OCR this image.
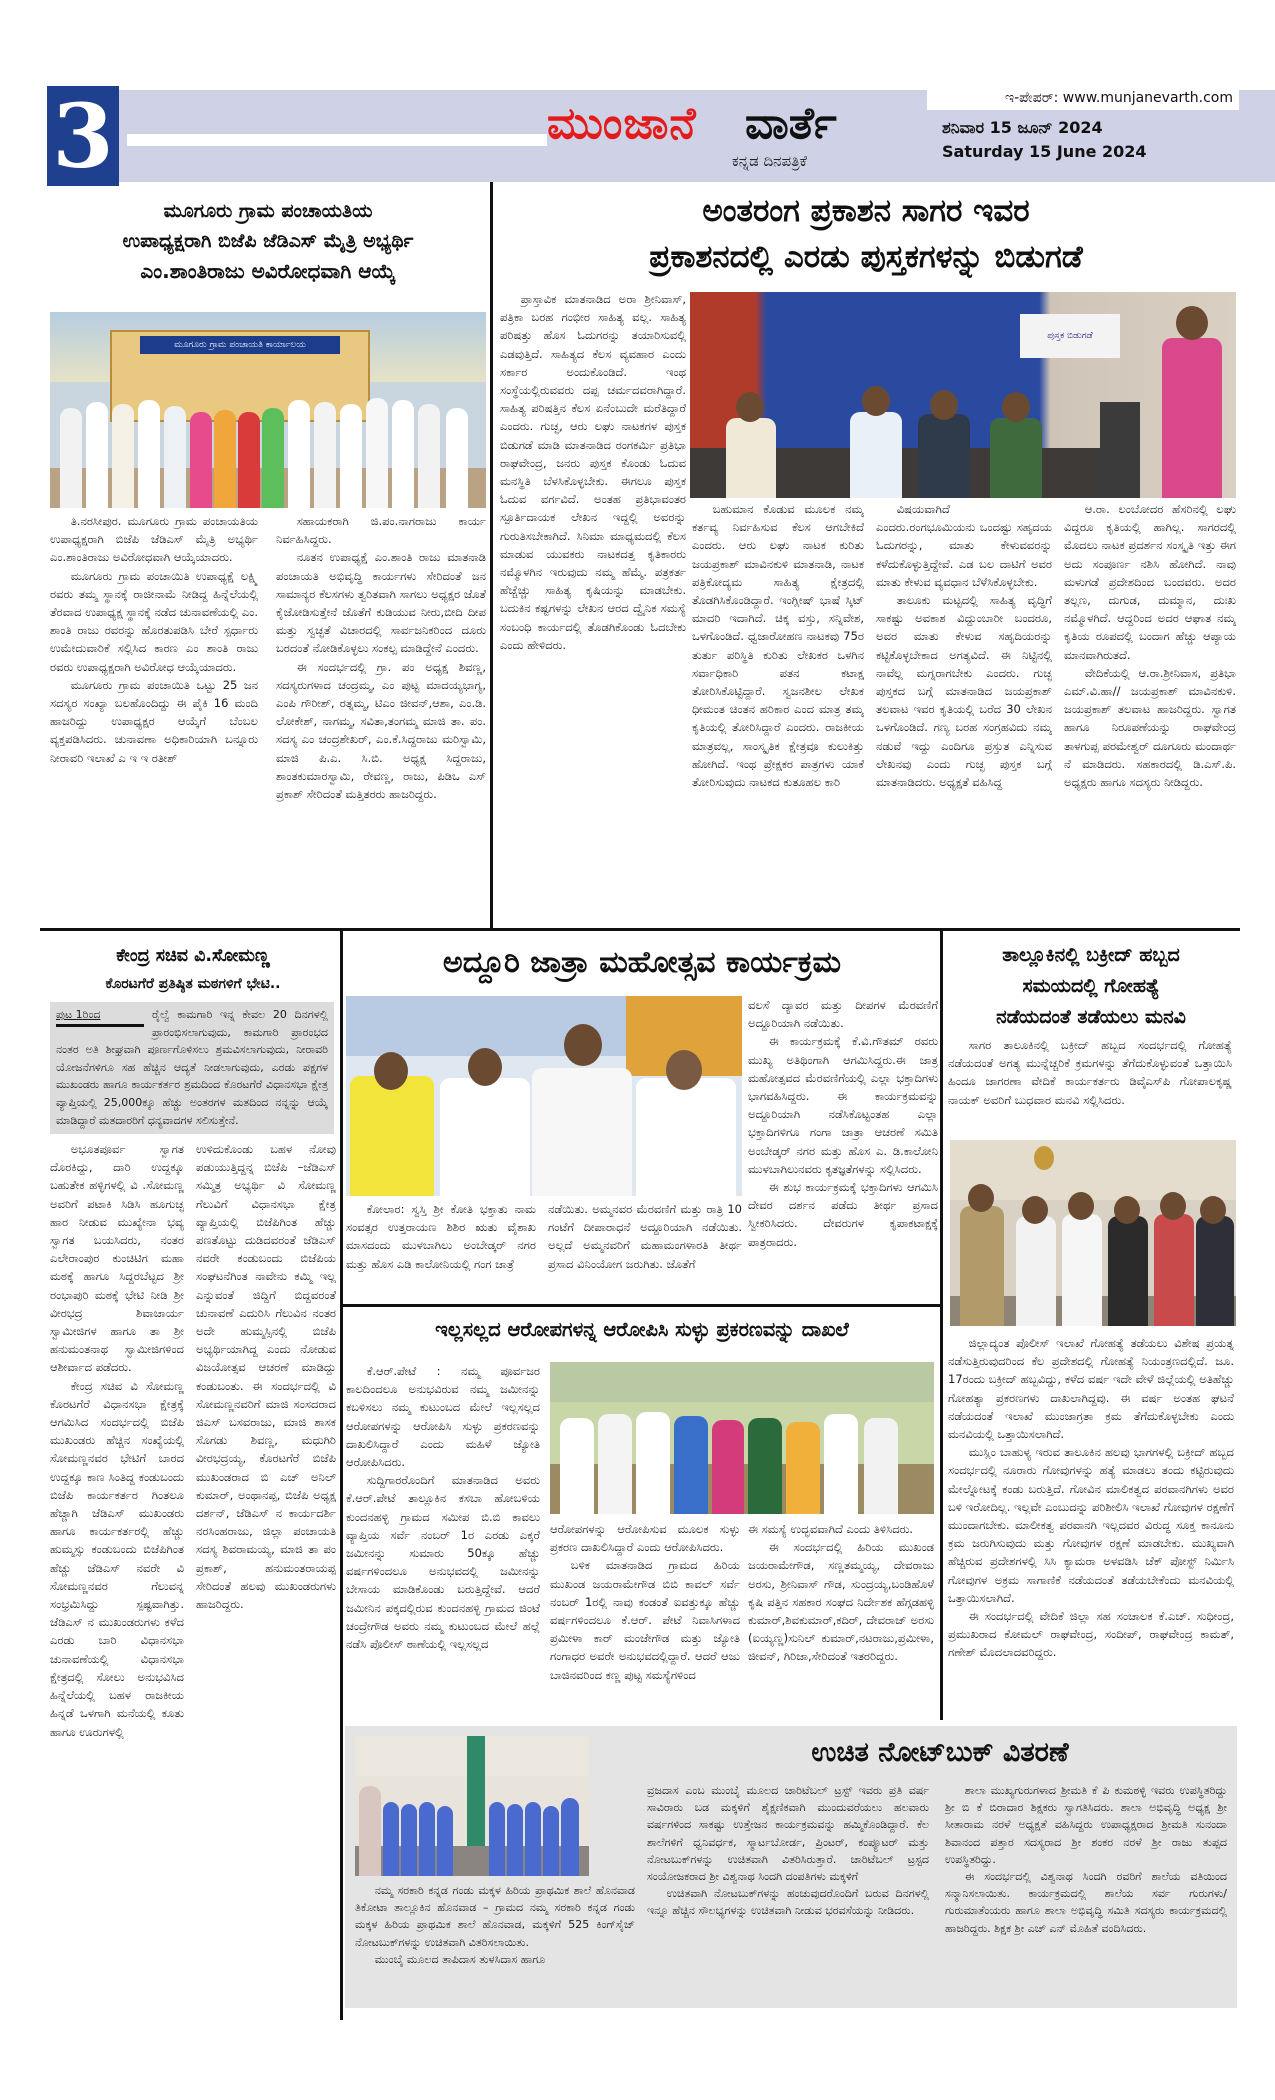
3	ಮುಂಜಾನೆ ವಾರ್ತೆ
ಕನ್ನಡ ದಿನಪತ್ರಿಕೆ
ಇ-ಪೇಪರ್: www.munjanevarth.com
ಶನಿವಾರ 15 ಜೂನ್ 2024
Saturday 15 June 2024
ಮೂಗೂರು ಗ್ರಾಮ ಪಂಚಾಯತಿಯ
ಉಪಾಧ್ಯಕ್ಷರಾಗಿ ಬಿಜೆಪಿ ಜೆಡಿಎಸ್ ಮೈತ್ರಿ ಅಭ್ಯರ್ಥಿ
ಎಂ.ಶಾಂತಿರಾಜು ಅವಿರೋಧವಾಗಿ ಆಯ್ಕೆ
ಮೂಗೂರು ಗ್ರಾಮ ಪಂಚಾಯತಿ ಕಾರ್ಯಾಲಯ

ತಿ.ನರಸೀಪುರ. ಮೂಗೂರು ಗ್ರಾಮ ಪಂಚಾಯತಿಯ ಉಪಾಧ್ಯಕ್ಷರಾಗಿ ಬಿಜೆಪಿ ಜೆಡಿಎಸ್ ಮೈತ್ರಿ ಅಭ್ಯರ್ಥಿ ಎಂ.ಶಾಂತಿರಾಜು ಅವಿರೋಧವಾಗಿ ಆಯ್ಕೆಯಾದರು.

ಮೂಗೂರು ಗ್ರಾಮ ಪಂಚಾಯಿತಿ ಉಪಾಧ್ಯಕ್ಷೆ ಲಕ್ಷ್ಮಿ ರವರು ತಮ್ಮ ಸ್ಥಾನಕ್ಕೆ ರಾಜೀನಾಮೆ ನೀಡಿದ್ದ ಹಿನ್ನೆಲೆಯಲ್ಲಿ ತೆರವಾದ ಉಪಾಧ್ಯಕ್ಷ ಸ್ಥಾನಕ್ಕೆ ನಡೆದ ಚುನಾವಣೆಯಲ್ಲಿ ಎಂ. ಶಾಂತಿ ರಾಜು ರವರನ್ನು ಹೊರತುಪಡಿಸಿ ಬೇರೆ ಸ್ಪರ್ಧಾರು ಉಮೇದುವಾರಿಕೆ ಸಲ್ಲಿಸಿದ ಕಾರಣ ಎಂ ಶಾಂತಿ ರಾಜು ರವರು ಉಪಾಧ್ಯಕ್ಷರಾಗಿ ಅವಿರೋಧ ಆಯ್ಕೆಯಾದರು.

ಮೂಗೂರು ಗ್ರಾಮ ಪಂಚಾಯಿತಿ ಒಟ್ಟು 25 ಜನ ಸದಸ್ಯರ ಸಂಖ್ಯಾ ಬಲಹೊಂದಿದ್ದು ಈ ಪೈಕಿ 16 ಮಂದಿ ಹಾಜರಿದ್ದು ಉಪಾಧ್ಯಕ್ಷರ ಆಯ್ಕೆಗೆ ಬೆಂಬಲ ವ್ಯಕ್ತಪಡಿಸಿದರು. ಚುನಾವಣಾ ಅಧಿಕಾರಿಯಾಗಿ ಬನ್ನೂರು ನೀರಾವರಿ ಇಲಾಖೆ ಎ ಇ ಇ ರತೀಶ್

ಸಹಾಯಕರಾಗಿ ಜಿ.ಪಂ.ನಾಗರಾಜು ಕಾರ್ಯ ನಿರ್ವಹಿಸಿದ್ದರು.

ನೂತನ ಉಪಾಧ್ಯಕ್ಷೆ ಎಂ.ಶಾಂತಿ ರಾಜು ಮಾತನಾಡಿ ಪಂಚಾಯತಿ ಅಭಿವೃದ್ಧಿ ಕಾರ್ಯಗಳು ಸೇರಿದಂತೆ ಜನ ಸಾಮಾನ್ಯರ ಕೆಲಸಗಳು ತ್ವರಿತವಾಗಿ ಸಾಗಲು ಅಧ್ಯಕ್ಷರ ಜೊತೆ ಕೈಜೋಡಿಸುತ್ತೇನೆ ಜೊತೆಗೆ ಕುಡಿಯುವ ನೀರು,ಬೀದಿ ದೀಪ ಮತ್ತು ಸ್ವಚ್ಛತೆ ವಿಚಾರದಲ್ಲಿ ಸಾರ್ವಜನಿಕರಿಂದ ದೂರು ಬರದಂತೆ ನೋಡಿಕೊಳ್ಳಲು ಸಂಕಲ್ಪ ಮಾಡಿದ್ದೇನೆ ಎಂದರು.

ಈ ಸಂದರ್ಭದಲ್ಲಿ ಗ್ರಾ. ಪಂ ಅಧ್ಯಕ್ಷ ಶಿವಣ್ಣ, ಸದಸ್ಯರುಗಳಾದ ಚಂದ್ರಮ್ಮ, ಎಂ ಪುಟ್ಟ ಮಾದಯ್ಯಭಾಗ್ಯ, ಎಂಪಿ ಗೌರೀಶ್, ರತ್ನಮ್ಮ, ಟಿಎಂ ಜೀವನ್,ಆಶಾ, ಎಂ.ಡಿ. ಲೋಕೇಶ್, ನಾಗಮ್ಮ, ಸವಿತಾ,ತಂಗಮ್ಮ ಮಾಜಿ ತಾ. ಪಂ. ಸದಸ್ಯ ಎಂ ಚಂದ್ರಶೇಖರ್, ಎಂ.ಕೆ.ಸಿದ್ದರಾಜು ಮರಿಸ್ವಾಮಿ, ಮಾಜಿ ಪಿ.ಎ. ಸಿ.ಬಿ. ಅಧ್ಯಕ್ಷ ಸಿದ್ದರಾಜು, ಶಾಂತಕುಮಾರಸ್ವಾಮಿ, ರೇವಣ್ಣ, ರಾಜು, ಪಿಡಿಒ ಎಸ್ ಪ್ರಕಾಶ್ ಸೇರಿದಂತೆ ಮತ್ತಿತರರು ಹಾಜರಿದ್ದರು.

ಅಂತರಂಗ ಪ್ರಕಾಶನ ಸಾಗರ ಇವರ
ಪ್ರಕಾಶನದಲ್ಲಿ ಎರಡು ಪುಸ್ತಕಗಳನ್ನು ಬಿಡುಗಡೆ

ಪ್ರಾಸ್ತಾವಿಕ ಮಾತನಾಡಿದ ಅರಾ ಶ್ರೀನಿವಾಸ್, ಪತ್ರಿಕಾ ಬರಹ ಗಂಭೀರ ಸಾಹಿತ್ಯ ವಲ್ಲ. ಸಾಹಿತ್ಯ ಪರಿಷತ್ತು ಹೊಸ ಓದುಗರನ್ನು ತಯಾರಿಸುವಲ್ಲಿ ಎಡವುತ್ತಿದೆ. ಸಾಹಿತ್ಯದ ಕೆಲಸ ವ್ಯವಹಾರ ಎಂದು ಸರ್ಕಾರ ಅಂದುಕೊಂಡಿದೆ. ಇಂಥ ಸಂಸ್ಥೆಯಲ್ಲಿರುವವರು ದಪ್ಪ ಚರ್ಮದವರಾಗಿದ್ದಾರೆ. ಸಾಹಿತ್ಯ ಪರಿಷತ್ತಿನ ಕೆಲಸ ಏನೆಂಬುದೇ ಮರೆತಿದ್ದಾರೆ ಎಂದರು. ಗುಚ್ಛ, ಆರು ಲಘು ನಾಟಕಗಳ ಪುಸ್ತಕ ಬಿಡುಗಡೆ ಮಾಡಿ ಮಾತನಾಡಿದ ರಂಗಕರ್ಮಿ ಪ್ರತಿಭಾ ರಾಘವೇಂದ್ರ, ಜನರು ಪುಸ್ತಕ ಕೊಂಡು ಓದುವ ಮನಸ್ಥಿತಿ ಬೆಳಸಿಕೊಳ್ಳಬೇಕು. ಈಗಲೂ ಪುಸ್ತಕ ಓದುವ ವರ್ಗವಿದೆ. ಅಂತಹ ಪ್ರತಿಭಾವಂತರ ಸ್ಪೂರ್ತಿದಾಯಕ ಲೇಖನ ಇದ್ದಲ್ಲಿ ಅವರನ್ನು ಗುರುತಿಸಬೇಕಾಗಿದೆ. ಸಿನಿಮಾ ಮಾಧ್ಯಮದಲ್ಲಿ ಕೆಲಸ ಮಾಡುವ ಯುವಕರು ನಾಟಕದತ್ತ ಕೃತಿಕಾರರು ನಮ್ಮೊಳಗಿನ ಇರುವುದು ನಮ್ಮ ಹೆಮ್ಮೆ. ಪತ್ರಕರ್ತ ಹೆಚ್ಚೆಚ್ಚು ಸಾಹಿತ್ಯ ಕೃಷಿಯನ್ನು ಮಾಡಬೇಕು. ಬದುಕಿನ ಕಷ್ಟಗಳನ್ನು ಲೇಖನ ಆರದ ದ್ವೈನಿಕ ಸಮಸ್ಯೆ ಸಂಬಂಧಿ ಕಾರ್ಯದಲ್ಲಿ ತೊಡಗಿಕೊಂಡು ಓದಬೇಕು ಎಂದು ಹೇಳಿದರು.

ಪುಸ್ತಕ ಬಿಡುಗಡೆ

ಬಹುಮಾನ ಕೊಡುವ ಮೂಲಕ ನಮ್ಮ ಕರ್ತವ್ಯ ನಿರ್ವಹಿಸುವ ಕೆಲಸ ಆಗಬೇಕಿದೆ ಎಂದರು. ಆರು ಲಘು ನಾಟಕ ಕುರಿತು ಜಯಪ್ರಕಾಶ್ ಮಾವಿನಕುಳಿ ಮಾತನಾಡಿ, ನಾಟಕ ಪತ್ರಿಕೋದ್ಯಮ ಸಾಹಿತ್ಯ ಕ್ಷೇತ್ರದಲ್ಲಿ ತೊಡಗಿಸಿಕೊಂಡಿದ್ದಾರೆ. ಇಂಗ್ಲೀಷ್ ಭಾಷೆ ಸ್ಕಿಟ್ ಮಾದರಿ ಇದಾಗಿದೆ. ಚಿಕ್ಕ ವಸ್ತು, ಸನ್ನಿವೇಶ, ಒಳಗೊಂಡಿದೆ. ಧ್ವಜಾರೋಹಣ ನಾಟಕವು 75ರ ತುರ್ತು ಪರಿಸ್ಥಿತಿ ಕುರಿತು ಲೇಖಕರ ಒಳಗಿನ ಸರ್ವಾಧಿಕಾರಿ ಪತನ ಕಟಾಕ್ಷ ತೋರಿಸಿಕೊಟ್ಟಿದ್ದಾರೆ. ಸ್ವಜನಶೀಲ ಲೇಖಕ ಧೀಮಂತ ಚಿಂತನ ಹರಿಕಾರ ಎಂದ ಮಾತ್ರ ತಮ್ಮ ಕೃತಿಯಲ್ಲಿ ತೋರಿಸಿದ್ದಾರೆ ಎಂದರು. ರಾಜಕೀಯ ಮಾತ್ರವಲ್ಲ, ಸಾಂಸ್ಕೃತಿಕ ಕ್ಷೇತ್ರವೂ ಕುಲುಕಿತ್ತು ಹೋಗಿದೆ. ಇಂಥ ಪ್ರೇಕ್ಷಕರ ಪಾತ್ರಗಳು ಯಾಕೆ ತೋರಿಸುವುದು ನಾಟಕದ ಕುತೂಹಲ ಕಾರಿ

ವಿಷಯವಾಗಿದೆ ಎಂದರು.ರಂಗಭೂಮಿಯನು ಒಂದಷ್ಟು ಸಹೃದಯ ಓದುಗರನ್ನು, ಮಾತು ಕೇಳುವವರನ್ನು ಕಳೆದುಕೊಳ್ಳುತ್ತಿದ್ದೇವೆ. ಎಡ ಬಲ ದಾಟಿಗೆ ಅವರ ಮಾತು ಕೇಳುವ ವ್ಯವಧಾನ ಬೆಳೆಸಿಕೊಳ್ಳಬೇಕು.

ತಾಲೂಕು ಮಟ್ಟದಲ್ಲಿ ಸಾಹಿತ್ಯ ವೃದ್ಧಿಗೆ ಸಾಕಷ್ಟು ಅವಕಾಶ ವಿದ್ದುಂಬಾರೀ ಬಂದರೂ, ಅವರ ಮಾತು ಕೇಳುವ ಸಹೃದಿಯರನ್ನು ಕಟ್ಟಿಕೊಳ್ಳಬೇಕಾದ ಅಗತ್ಯವಿದೆ. ಈ ನಿಟ್ಟಿನಲ್ಲಿ ನಾವೆಲ್ಲ ಮಗ್ನರಾಗಬೇಕು ಎಂದರು. ಗುಚ್ಛ ಪುಸ್ತಕದ ಬಗ್ಗೆ ಮಾತನಾಡಿದ ಜಯಪ್ರಕಾಶ್ ತಲವಾಟ ಇವರ ಕೃತಿಯಲ್ಲಿ ಬರೆದ 30 ಲೇಖನ ಒಳಗೊಂಡಿದೆ. ಗಣ್ಯ ಬರಹ ಸಂಗ್ರಹವಿದು ನಮ್ಮ ನಡುವೆ ಇದ್ದು ಎಂದಿಗೂ ಪ್ರಸ್ತುತ ಎನ್ನಿಸುವ ಲೇಖನವು ಎಂದು ಗುಚ್ಛ ಪುಸ್ತಕ ಬಗ್ಗೆ ಮಾತನಾಡಿದರು. ಅಧ್ಯಕ್ಷತೆ ವಹಿಸಿದ್ದ

ಆ.ರಾ. ಲಂಬೋದರ ಹೆಸರಿನಲ್ಲಿ ಲಘು ವಿದ್ದರೂ ಕೃತಿಯಲ್ಲಿ ಹಾಗಿಲ್ಲ. ಸಾಗರದಲ್ಲಿ ಮೊದಲು ನಾಟಕ ಪ್ರದರ್ಶನ ಸಂಸ್ಕೃತಿ ಇತ್ತು ಈಗ ಅದು ಸಂಪೂರ್ಣ ನಶಿಸಿ ಹೋಗಿದೆ. ನಾವು ಮಳುಗಡೆ ಪ್ರದೇಶದಿಂದ ಬಂದವರು. ಅದರ ತಲ್ಲಣ, ದುಗುಡ, ದುಮ್ಮಾನ, ದುಃಖ ನಮ್ಮೊಳಗಿದೆ. ಆದ್ದರಿಂದ ಅದರ ಆಘಾತ ನಮ್ಮ ಕೃತಿಯ ರೂಪದಲ್ಲಿ ಬಂದಾಗ ಹೆಚ್ಚು ಆಪ್ಯಾಯ ಮಾನವಾಗಿರುತದೆ.

ವೇದಿಕೆಯಲ್ಲಿ ಆ.ರಾ.ಶ್ರೀನಿವಾಸ, ಪ್ರತಿಭಾ ಎಮ್.ವಿ.ಹಾ// ಜಯಪ್ರಕಾಶ್ ಮಾವಿನಕುಳಿ. ಜಯಪ್ರಕಾಶ್ ತಲವಾಟ ಹಾಜರಿದ್ದರು. ಸ್ವಾಗತ ಹಾಗೂ ನಿರೂಪಣೆಯನ್ನು ರಾಘವೇಂದ್ರ ತಾಳಗುಪ್ಪ ಪರಮೇಶ್ವರ್ ದೂಗೂರು ಮಂದಾರ್ಥ ನೆ ಮಾಡಿದರು. ಸಹಕಾರದಲ್ಲಿ ಡಿ.ಎಸ್.ಪಿ. ಅಧ್ಯಕ್ಷರು ಹಾಗೂ ಸದಸ್ಯರು ನೀಡಿದ್ದರು.

ಕೇಂದ್ರ ಸಚಿವ ವಿ.ಸೋಮಣ್ಣ
ಕೊರಟಗೆರೆ ಪ್ರತಿಷ್ಠಿತ ಮಠಗಳಿಗೆ ಭೇಟಿ..
ಪುಟ 1ರಿಂದ	ರೈಲ್ವೆ ಕಾಮಗಾರಿ ಇನ್ನ ಕೇವಲ 20 ದಿನಗಳಲ್ಲಿ ಪ್ರಾರಂಭಿಸಲಾಗುವುದು, ಕಾಮಗಾರಿ ಪ್ರಾರಂಭದ ನಂತರ ಅತಿ ಶೀಘ್ರವಾಗಿ ಪೂರ್ಣಗೊಳಿಸಲು ಶ್ರಮವಿಸಲಾಗುವುದು, ನೀರಾವರಿ ಯೋಜನೆಗಳಿಗೂ ಸಹ ಹೆಚ್ಚಿನ ಆದ್ಯತೆ ನೀಡಲಾಗುವುದು, ಎರಡು ಪಕ್ಷಗಳ ಮುಖಂಡರು ಹಾಗೂ ಕಾರ್ಯಕರ್ತರ ಶ್ರಮದಿಂದ ಕೊರಟಗೆರೆ ವಿಧಾನಸಭಾ ಕ್ಷೇತ್ರ ವ್ಯಾಪ್ತಿಯಲ್ಲಿ 25,000ಕ್ಕೂ ಹೆಚ್ಚು ಅಂತರಗಳ ಮತದಿಂದ ನನ್ನನ್ನು ಆಯ್ಕೆ ಮಾಡಿದ್ದಾರೆ ಮತದಾರರಿಗೆ ಧನ್ಯವಾದಗಳ ಸಲಿಸುತ್ತೇನೆ.

ಅಭೂತಪೂರ್ವ ಸ್ವಾಗತ ದೊರಕಿದ್ದು, ದಾರಿ ಉದ್ದಕ್ಕೂ ಬಹುತೇಕ ಹಳ್ಳಿಗಳಲ್ಲಿ ವಿ .ಸೋಮಣ್ಣ ಅವರಿಗೆ ಪಟಾಕಿ ಸಿಡಿಸಿ ಹೂಗುಚ್ಛ ಹಾರ ನೀಡುವ ಮುಖ್ಯೇನಾ ಭವ್ಯ ಸ್ವಾಗತ ಬಯಸಿದರು, ನಂತರ ಎಲೇರಾಂಪುರ ಕುಂಚಿಟಿಗ ಮಹಾ ಮಠಕ್ಕೆ ಹಾಗೂ ಸಿದ್ದರಬೆಟ್ಟದ ಶ್ರೀ ರಂಭಾಪುರಿ ಮಠಕ್ಕೆ ಭೇಟಿ ನೀಡಿ ಶ್ರೀ ವೀರಭದ್ರ ಶಿವಾಚಾರ್ಯ ಸ್ವಾಮೀಜಿಗಳ ಹಾಗೂ ತಾ ಶ್ರೀ ಹನುಮಂತನಾಥ ಸ್ವಾಮೀಜಿಗಳಿಂದ ಆಶೀರ್ವಾದ ಪಡೆದರು.

ಕೇಂದ್ರ ಸಚಿವ ವಿ ಸೋಮಣ್ಣ ಕೊರಟಗೆರೆ ವಿಧಾನಸಭಾ ಕ್ಷೇತ್ರಕ್ಕೆ ಆಗಮಿಸಿದ ಸಂದರ್ಭದಲ್ಲಿ ಬಿಜೆಪಿ ಮುಖಂಡರು ಹೆಚ್ಚಿನ ಸಂಖ್ಯೆಯಲ್ಲಿ ಸೋಮಣ್ಣನವರ ಭೇಟಿಗೆ ಬಾರದ ಉದ್ದಕ್ಕೂ ಕಾಣ ಸಿಂತಿದ್ದ ಕಂಡುಬಂದು ಬಿಜೆಪಿ ಕಾರ್ಯಕರ್ತರ ಗಿಂತಲೂ ಹೆಚ್ಚಾಗಿ ಜೆಡಿಎಸ್ ಮುಖಂಡರು ಹಾಗೂ ಕಾರ್ಯಕರ್ತರಲ್ಲಿ ಹೆಚ್ಚು ಹುಮ್ಮಸ್ಸು ಕಂಡುಬಂದು ಬಿಜೆಪಿಗಿಂತ ಹೆಚ್ಚು ಜೆಡಿಎಸ್ ನವರೇ ವಿ ಸೋಮಣ್ಣನವರ ಗೆಲುವನ್ನ ಸಂಭ್ರಮಿಸಿದ್ದು ಸ್ಪಷ್ಟವಾಗಿತ್ತು. ಜೆಡಿಎಸ್ ನ ಮುಖಂಡರುಗಳು ಕಳೆದ ಎರಡು ಬಾರಿ ವಿಧಾನಸಭಾ ಚುನಾವಣೆಯಲ್ಲಿ ವಿಧಾನಸಭಾ ಕ್ಷೇತ್ರದಲ್ಲಿ ಸೋಲು ಅನುಭವಿಸಿದ ಹಿನ್ನೆಲೆಯಲ್ಲಿ ಬಹಳ ರಾಜಕೀಯ ಹಿನ್ನಡೆ ಒಳಗಾಗಿ ಮನೆಯಲ್ಲಿ ಕೂತು ಹಾಗೂ ಊರುಗಳಲ್ಲಿ

ಉಳಿದುಕೊಂಡು ಬಹಳ ನೋವು ಪಡುಯುತ್ತಿದ್ದನ್ನ ಬಿಜೆಪಿ –ಜೆಡಿಎಸ್ ಸಮ್ಮಿತ್ರ ಅಭ್ಯರ್ಥಿ ವಿ ಸೋಮಣ್ಣ ಗೆಲುವಿಗೆ ವಿಧಾನಸಭಾ ಕ್ಷೇತ್ರ ವ್ಯಾಪ್ತಿಯಲ್ಲಿ ಬಿಜೆಪಿಗಿಂತ ಹೆಚ್ಚು ಪಣತೊಟ್ಟು ದುಡಿದವರಂತೆ ಜೆಡಿಎಸ್ ನವರೇ ಕಂಡುಬಂದು ಬಿಜೆಪಿಯ ಸಂಘಟನೆಗಿಂತ ನಾವೇನು ಕಮ್ಮಿ ಇಲ್ಲ ಎನ್ನುವಂತೆ ಜಿದ್ದಿಗೆ ಬಿದ್ದವರಂತೆ ಚುನಾವಣೆ ಎದುರಿಸಿ ಗೆಲುವಿನ ನಂತರ ಅದೇ ಹುಮ್ಮಸ್ಸಿನಲ್ಲಿ ಬಿಜೆಪಿ ಅಭ್ಯರ್ಥಿಯಾಗಿದ್ದ ಎಂದು ನೋಡುವ ವಿಜಯೋತ್ಸವ ಆಚರಣೆ ಮಾಡಿದ್ದು ಕಂಡುಬಂತು. ಈ ಸಂದರ್ಭದಲ್ಲಿ ವಿ ಸೋಮಣ್ಣನವರಿಗೆ ಮಾಜಿ ಸಂಸದರಾದ ಜಿಎಸ್ ಬಸವರಾಜು, ಮಾಜಿ ಶಾಸಕ ಸೊಗಡು ಶಿವಣ್ಣ, ಮಧುಗಿರಿ ವೀರಭದ್ರಯ್ಯ, ಕೊರಟಗೆರೆ ಬಿಜೆಪಿ ಮುಖಂಡರಾದ ಬಿ ಎಚ್ ಅನಿಲ್ ಕುಮಾರ್, ಅಂಥಾನಪ್ಪ, ಬಿಜೆಪಿ ಅಧ್ಯಕ್ಷ ದರ್ಶನ್, ಜೆಡಿಎಸ್ ನ ಕಾರ್ಯದರ್ಶಿ ನರಸಿಂಹರಾಜು, ಜಿಲ್ಲಾ ಪಂಚಾಯತಿ ಸದಸ್ಯ ಶಿವರಾಮಯ್ಯ, ಮಾಜಿ ತಾ ಪಂ ಪ್ರಕಾಶ್, ಹನುಮಂತರಾಯಪ್ಪ ಸೇರಿದಂತೆ ಹಲವು ಮುಖಂಡರುಗಳು ಹಾಜರಿದ್ದರು.

ಅದ್ದೂರಿ ಜಾತ್ರಾ ಮಹೋತ್ಸವ ಕಾರ್ಯಕ್ರಮ

ಕೋಲಾರ: ಸ್ವಸ್ತಿ ಶ್ರೀ ಕೋತಿ ಭಕ್ತಾತು ನಾಮ ಸಂವತ್ಸರ ಉತ್ತರಾಯಣ ಶಿಶಿರ ಋತು ವೈಶಾಖ ಮಾಸದಂದು ಮುಳಬಾಗಿಲು ಅಂಬೇಡ್ಕರ್ ನಗರ ಮತ್ತು ಹೊಸ ಎಡಿ ಕಾಲೋನಿಯಲ್ಲಿ ಗಂಗ ಜಾತ್ರೆ

ನಡೆಯಿತು. ಅಮ್ಮನವರ ಮೆರವಣಿಗೆ ಮತ್ತು ರಾತ್ರಿ 10 ಗಂಟೆಗೆ ದೀಪಾರಾಧನೆ ಅದ್ದೂರಿಯಾಗಿ ನಡೆಯಿತು. ಅಲ್ಲದೆ ಅಮ್ಮನವರಿಗೆ ಮಹಾಮಂಗಳಾರತಿ ತೀರ್ಥ ಪ್ರಸಾದ ವಿನಿಂಯೋಗ ಜರುಗಿತು. ಜೊತೆಗೆ

ವಲಸೆ ದ್ಯಾವರ ಮತ್ತು ದೀಪಗಳ ಮೆರವಣಿಗೆ ಅದ್ದೂರಿಯಾಗಿ ನಡೆಯಿತು.

ಈ ಕಾರ್ಯಕ್ರಮಕ್ಕೆ ಕೆ.ವಿ.ಗೌತಮ್ ರವರು ಮುಖ್ಯ ಅತಿಥಿಂಗಾಗಿ ಆಗಮಿಸಿದ್ದರು.ಈ ಜಾತ್ರ ಮಹೋತ್ಸವದ ಮೆರವಣಿಗೆಯಲ್ಲಿ ಎಲ್ಲಾ ಭಕ್ತಾದಿಗಳು ಭಾಗವಹಿಸಿದ್ದರು. ಈ ಕಾರ್ಯಕ್ರಮವನ್ನು ಅದ್ದೂರಿಯಾಗಿ ನಡೆಸಿಕೊಟ್ಟಂತಹ ಎಲ್ಲಾ ಭಕ್ತಾದಿಗಳಿಗೂ ಗಂಗಾ ಜಾತ್ರಾ ಆಚರಣೆ ಸಮಿತಿ ಅಂಬೇಡ್ಕರ್ ನಗರ ಮತ್ತು ಹೊಸ ಎ. ಡಿ.ಕಾಲೋನಿ ಮುಳಬಾಗಿಲುನವರು ಕೃತಜ್ಞತೆಗಳನ್ನು ಸಲ್ಲಿಸಿದರು.

ಈ ಶುಭ ಕಾರ್ಯಕ್ರಮಕ್ಕೆ ಭಕ್ತಾದಿಗಳು ಆಗಮಿಸಿ ದೇವರ ದರ್ಶನ ಪಡೆದು ತೀರ್ಥ ಪ್ರಸಾದ ಸ್ವೀಕರಿಸಿದರು. ದೇವರುಗಳ ಕೃಪಾಕಟಾಕ್ಷಕ್ಕೆ ಪಾತ್ರರಾದರು.

ತಾಲ್ಲೂಕಿನಲ್ಲಿ ಬಕ್ರೀದ್ ಹಬ್ಬದ
ಸಮಯದಲ್ಲಿ ಗೋಹತ್ಯೆ
ನಡೆಯದಂತೆ ತಡೆಯಲು ಮನವಿ

ಸಾಗರ ತಾಲೂಕಿನಲ್ಲಿ ಬಕ್ರೀದ್ ಹಬ್ಬದ ಸಂದರ್ಭದಲ್ಲಿ ಗೋಹತ್ಯೆ ನಡೆಯದಂತೆ ಅಗತ್ಯ ಮುನ್ನೆಚ್ಚರಿಕೆ ಕ್ರಮಗಳನ್ನು ತೆಗೆದುಕೊಳ್ಳುವಂತೆ ಒತ್ತಾಯಿಸಿ ಹಿಂದೂ ಜಾಗರಣಾ ವೇದಿಕೆ ಕಾರ್ಯಕರ್ತರು ಡಿವೈಎಸ್‌ಪಿ ಗೋಪಾಲಕೃಷ್ಣ ನಾಯಕ್ ಅವರಿಗೆ ಬುಧವಾರ ಮನವಿ ಸಲ್ಲಿಸಿದರು.

ಜಿಲ್ಲಾದ್ಯಂತ ಪೊಲೀಸ್ ಇಲಾಖೆ ಗೋಹತ್ಯೆ ತಡೆಯಲು ವಿಶೇಷ ಪ್ರಯತ್ನ ನಡೆಸುತ್ತಿರುವುದರಿಂದ ಕೆಲ ಪ್ರದೇಶದಲ್ಲಿ ಗೋಹತ್ಯೆ ನಿಯಂತ್ರಣದಲ್ಲಿದೆ. ಜೂ. 17ರಂದು ಬಕ್ರೀದ್ ಹಬ್ಬವಿದ್ದು, ಕಳೆದ ವರ್ಷ ಇದೇ ವೇಳೆ ಜಿಲ್ಲೆಯಲ್ಲಿ ಅತಿಹೆಚ್ಚು ಗೋಹತ್ಯಾ ಪ್ರಕರಣಗಳು ದಾಖಲಾಗಿದ್ದವು. ಈ ವರ್ಷ ಅಂತಹ ಘಟನೆ ನಡೆಯದಂತೆ ಇಲಾಖೆ ಮುಂಜಾಗ್ರತಾ ಕ್ರಮ ತೆಗೆದುಕೊಳ್ಳಬೇಕು ಎಂದು ಮನವಿಯಲ್ಲಿ ಒತ್ತಾಯಿಸಲಾಗಿದೆ.

ಮುಸ್ಲಿಂ ಬಾಹುಳ್ಯ ಇರುವ ತಾಲೂಕಿನ ಹಲವು ಭಾಗಗಳಲ್ಲಿ ಬಕ್ರೀದ್ ಹಬ್ಬದ ಸಂದರ್ಭದಲ್ಲಿ ನೂರಾರು ಗೋವುಗಳನ್ನು ಹತ್ಯೆ ಮಾಡಲು ತಂದು ಕಟ್ಟಿರುವುದು ಮೇಲ್ನೋಟಕ್ಕೆ ಕಂಡು ಬರುತ್ತಿದೆ. ಗೋವಿನ ಮಾಲಿಕತ್ವದ ಪರವಾನಗಿಗಳು ಅವರ ಬಳಿ ಇರೋದಿಲ್ಲ. ಇಲ್ಲವೇ ಎಂಬುದನ್ನು ಪರಿಶೀಲಿಸಿ ಇಲಾಖೆ ಗೋವುಗಳ ರಕ್ಷಣೆಗೆ ಮುಂದಾಗಬೇಕು. ಮಾಲೀಕತ್ವ ಪರವಾನಗಿ ಇಲ್ಲದವರ ವಿರುದ್ಧ ಸೂಕ್ತ ಕಾನೂನು ಕ್ರಮ ಜರುಗಿಸುವುದು ಮತ್ತು ಗೋವುಗಳ ರಕ್ಷಣೆ ಮಾಡಬೇಕು. ಮುಖ್ಯವಾಗಿ ಹೆಚ್ಚಿರುವ ಪ್ರದೇಶಗಳಲ್ಲಿ ಸಿಸಿ ಕ್ಯಾಮರಾ ಅಳವಡಿಸಿ ಚೆಕ್ ಪೋಸ್ಟ್ ನಿರ್ಮಿಸಿ ಗೋವುಗಳ ಅಕ್ರಮ ಸಾಗಾಣಿಕೆ ನಡೆಯದಂತೆ ತಡೆಯಬೇಕೆಂದು ಮನವಿಯಲ್ಲಿ ಒತ್ತಾಯಿಸಲಾಗಿದೆ.

ಈ ಸಂದರ್ಭದಲ್ಲಿ ವೇದಿಕೆ ಜಿಲ್ಲಾ ಸಹ ಸಂಚಾಲಕ ಕೆ.ಎಚ್. ಸುಧೀಂದ್ರ, ಪ್ರಮುಖರಾದ ಕೋಮಲ್ ರಾಘವೇಂದ್ರ, ಸಂದೀಪ್, ರಾಘವೇಂದ್ರ ಕಾಮತ್, ಗಣೇಶ್ ಮೊದಲಾದವರಿದ್ದರು.

ಇಲ್ಲಸಲ್ಲದ ಆರೋಪಗಳನ್ನ ಆರೋಪಿಸಿ ಸುಳ್ಳು ಪ್ರಕರಣವನ್ನು ದಾಖಲೆ

ಕೆ.ಆರ್.ಪೇಟೆ : ನಮ್ಮ ಪೂರ್ವಜರ ಕಾಲದಿಂದಲೂ ಅನುಭವಿರುವ ನಮ್ಮ ಜಮೀನನ್ನು ಕಬಳಿಸಲು ನಮ್ಮ ಕುಟುಂಬದ ಮೇಲೆ ಇಲ್ಲಸಲ್ಲದ ಆರೋಪಗಳನ್ನು ಆರೋಪಿಸಿ ಸುಳ್ಳು ಪ್ರಕರಣವನ್ನು ದಾಖಲಿಸಿದ್ದಾರೆ ಎಂದು ಮಹಿಳೆ ಜ್ಯೋತಿ ಆರೋಪಿಸಿದರು.

ಸುದ್ದಿಗಾರರೊಂದಿಗೆ ಮಾತನಾಡಿದ ಅವರು ಕೆ.ಆರ್.ಪೇಟೆ ತಾಲ್ಲೂಕಿನ ಕಸಬಾ ಹೋಬಳಿಯ ಕುಂದನಹಳ್ಳಿ ಗ್ರಾಮದ ಸಮೀಪ ಬಿ.ಬಿ ಕಾವಲು ವ್ಯಾಪ್ತಿಯ ಸರ್ವೆ ನಂಬರ್ 1ರ ಎರಡು ಎಕ್ಕರೆ ಜಮೀನನ್ನು ಸುಮಾರು 50ಕ್ಕೂ ಹೆಚ್ಚು ವರ್ಷಗಳಿಂದಲೂ ಅನುಭವದಲ್ಲಿ ಜಮೀನನ್ನು ಬೇಸಾಯ ಮಾಡಿಕೊಂಡು ಬರುತ್ತಿದ್ದೇವೆ. ಆದರೆ ಜಮೀನಿನ ಪಕ್ಕದಲ್ಲಿರುವ ಕುಂದನಹಳ್ಳಿ ಗ್ರಾಮದ ಜಿಂಟೆ ಚಂದ್ರೇಗೌಡ ಅವರು ನಮ್ಮ ಕುಟುಂಬದ ಮೇಲೆ ಹಲ್ಲೆ ನಡೆಸಿ ಪೊಲೀಸ್ ಠಾಣೆಯಲ್ಲಿ ಇಲ್ಲಸಲ್ಲದ

ಆರೋಪಗಳನ್ನು ಆರೋಪಿಸುವ ಮೂಲಕ ಸುಳ್ಳು ಪ್ರಕರಣ ದಾಖಲಿಸಿದ್ದಾರೆ ಎಂದು ಆರೋಪಿಸಿದರು.

ಬಳಿಕ ಮಾತನಾಡಿದ ಗ್ರಾಮದ ಹಿರಿಯ ಮುಖಂಡ ಜಯರಾಮೇಗೌಡ ಬಿಬಿ ಕಾವಲ್ ಸರ್ವೆ ನಂಬರ್ 1ರಲ್ಲಿ ನಾವು ಕಂಡಂತೆ ಐವತ್ತುಕ್ಕೂ ಹೆಚ್ಚು ವರ್ಷಗಳಿಂದಲೂ ಕೆ.ಆರ್. ಪೇಟೆ ನಿವಾಸಿಗಳಾದ ಪ್ರಮೀಳಾ ಕಾರ್ ಮಂಜೇಗೌಡ ಮತ್ತು ಜ್ಯೋತಿ ಗಂಗಾಧರ ಅವರೇ ಅನುಭವದಲ್ಲಿದ್ದಾರೆ. ಆದರೆ ಆಜು ಬಾಜಿನವರಿಂದ ಕಣ್ಣ ಪುಟ್ಟ ಸಮಸ್ಯೆಗಳಿಂದ

ಈ ಸಮಸ್ಯೆ ಉದ್ಭವವಾಗಿದೆ ಎಂದು ತಿಳಿಸಿದರು.

ಈ ಸಂದರ್ಭದಲ್ಲಿ ಹಿರಿಯ ಮುಖಂಡ ಜಯರಾಮೇಗೌಡ, ಸಣ್ಣತಮ್ಮಯ್ಯ, ದೇವರಾಜು ಅರಸು, ಶ್ರೀನಿವಾಸ್ ಗೌಡ, ಸುಂದ್ರಯ್ಯ,ಬಂಡಿಹೊಳೆ ಕೃಷಿ ಪತ್ತಿನ ಸಹಕಾರ ಸಂಘದ ನಿರ್ದೇಶಕ ಹೆಗ್ಗಡಹಳ್ಳಿ ಕುಮಾರ್,ಶಿವಕುಮಾರ್,ಕದಿರ್, ದೇವರಾಜ್ ಅರಸು (ಐಯ್ಯಣ್ಣ)ಸುನಿಲ್ ಕುಮಾರ್,ನಟರಾಜು,ಪ್ರಮೀಳಾ, ಜೀವನ್, ಗಿರಿಜಾ,ಸೇರಿದಂತೆ ಇತರರಿದ್ದರು.

ಉಚಿತ ನೋಟ್‌ಬುಕ್ ವಿತರಣೆ

ನಮ್ಮ ಸರಕಾರಿ ಕನ್ನಡ ಗಂಡು ಮಕ್ಕಳ ಹಿರಿಯ ಪ್ರಾಥಮಿಕ ಶಾಲೆ ಹೊನವಾಡ ತಿಕೋಟಾ ತಾಲ್ಲೂಕಿನ ಹೊನವಾಡ – ಗ್ರಾಮದ ನಮ್ಮ ಸರಕಾರಿ ಕನ್ನಡ ಗಂಡು ಮಕ್ಕಳ ಹಿರಿಯ ಪ್ರಾಥಮಿಕ ಶಾಲೆ ಹೊನವಾಡ, ಮಕ್ಕಳಿಗೆ 525 ಕಿಂಗ್‌ಸೈಜ್ ನೋಟಬುಕ್‌ಗಳನ್ನು ಉಚಿತವಾಗಿ ವಿತರಿಸಲಾಯಿತು.

ಮುಂಬೈ ಮೂಲದ ತಾಪಿದಾಸ ತುಳಸಿದಾಸ ಹಾಗೂ

ವ್ರಜದಾಸ ಎಂಬ ಮುಂಬೈ ಮೂಲದ ಚಾರಿಟೆಬಲ್ ಟ್ರಸ್ಟ್ ಇವರು ಪ್ರತಿ ವರ್ಷ ಸಾವಿರಾರು ಬಡ ಮಕ್ಕಳಿಗೆ ಶೈಕ್ಷಣಿಕವಾಗಿ ಮುಂದುವರೆಯಲು ಹಲವಾರು ವರ್ಷಗಳಿಂದ ಸಾಕಷ್ಟು ಉತ್ತೇಜನ ಕಾರ್ಯಕ್ರಮವನ್ನು ಹಮ್ಮಿಕೊಂಡಿದ್ದಾರೆ. ಕೆಲ ಶಾಲೆಗಳಿಗೆ ಧ್ವನಿವರ್ಧಕ, ಸ್ಮಾರ್ಟಬೋರ್ಡ, ಪ್ರಿಂಟರ್, ಕಂಪ್ಯೂಟರ್ ಮತ್ತು ನೋಟಬುಕ್‌ಗಳನ್ನು ಉಚಿತವಾಗಿ ವಿತರಿಸಿರುತ್ತಾರೆ. ಚಾರಿಟೆಬಲ್ ಟ್ರಸ್ಟದ ಸಂಯೋಜಕರಾದ ಶ್ರೀ ವಿಶ್ವನಾಥ ಸಿಂದಗಿ ದಂಪತಿಗಳು ಮಕ್ಕಳಿಗೆ

ಉಚಿತವಾಗಿ ನೋಟಬುಕ್‌ಗಳನ್ನು ಹಂಚುವುದರೊಂದಿಗೆ ಬರುವ ದಿನಗಳಲ್ಲಿ ಇನ್ನೂ ಹೆಚ್ಚಿನ ಸೌಲಭ್ಯಗಳನ್ನು ಉಚಿತವಾಗಿ ನೀಡುವ ಭರವಸೆಯನ್ನು ನೀಡಿದರು.

ಶಾಲಾ ಮುಖ್ಯಗುರುಗಳಾದ ಶ್ರೀಮತಿ ಕೆ ಪಿ ಕುಮಠಳ್ಳಿ ಇವರು ಉಪಸ್ಥಿತರಿದ್ದು ಶ್ರೀ ಬಿ ಕೆ ಬಿರಾದಾರ ಶಿಕ್ಷಕರು ಸ್ವಾಗತಿಸಿದರು. ಶಾಲಾ ಅಭಿವೃದ್ಧಿ ಅಧ್ಯಕ್ಷ ಶ್ರೀ ಸೀತಾರಾಮ ನರಳೆ ಅಧ್ಯಕ್ಷತೆ ವಹಿಸಿದ್ದರು ಉಪಾಧ್ಯಕ್ಷರಾದ ಶ್ರೀಮತಿ ಸುನಂದಾ ಶಿವಾನಂದ ಪತ್ತಾರ ಸದಸ್ಯರಾದ ಶ್ರೀ ಶಂಕರ ನರಳೆ ಶ್ರೀ ರಾಜು ತುಪ್ಪದ ಉಪಸ್ಥಿತರಿದ್ದು.

ಈ ಸಂದರ್ಭದಲ್ಲಿ ವಿಶ್ವನಾಥ ಸಿಂದಗಿ ರವರಿಗೆ ಶಾಲೆಯ ವತಿಯಿಂದ ಸನ್ಮಾನಿಸಲಾಯಿತು. ಕಾರ್ಯಕ್ರಮದಲ್ಲಿ ಶಾಲೆಯ ಸರ್ವ ಗುರುಗಳು/ಗುರುಮಾತೆಂಯರು ಹಾಗೂ ಶಾಲಾ ಅಭಿವೃದ್ಧಿ ಸಮಿತಿ ಸದಸ್ಯರು ಕಾರ್ಯಕ್ರಮದಲ್ಲಿ ಹಾಜರಿದ್ದರು. ಶಿಕ್ಷಕ ಶ್ರೀ ಎಚ್ ಎನ್ ಮೊಹಿತೆ ವಂದಿಸಿದರು.
